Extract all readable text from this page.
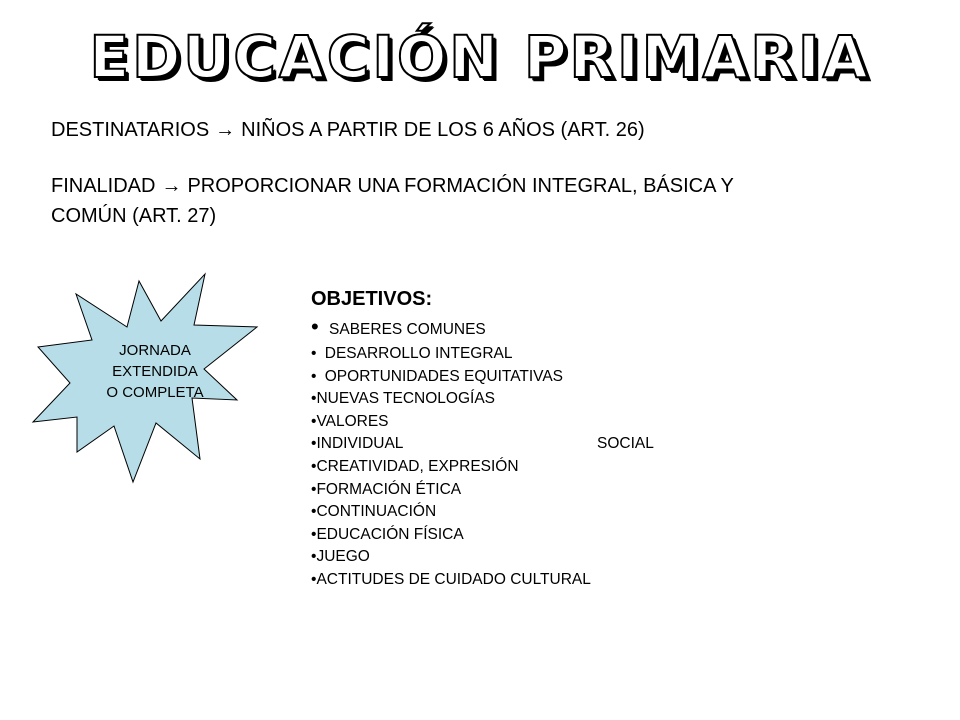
EDUCACIÓN PRIMARIA

DESTINATARIOS → NIÑOS A PARTIR DE LOS 6 AÑOS (ART. 26)

FINALIDAD → PROPORCIONAR UNA FORMACIÓN INTEGRAL, BÁSICA Y

COMÚN (ART. 27)

JORNADA
EXTENDIDA
O COMPLETA

OBJETIVOS:

• SABERES COMUNES
• DESARROLLO INTEGRAL
• OPORTUNIDADES EQUITATIVAS
•NUEVAS TECNOLOGÍAS
•VALORES
•INDIVIDUAL	SOCIAL
•CREATIVIDAD, EXPRESIÓN
•FORMACIÓN ÉTICA
•CONTINUACIÓN
•EDUCACIÓN FÍSICA
•JUEGO
•ACTITUDES DE CUIDADO CULTURAL
